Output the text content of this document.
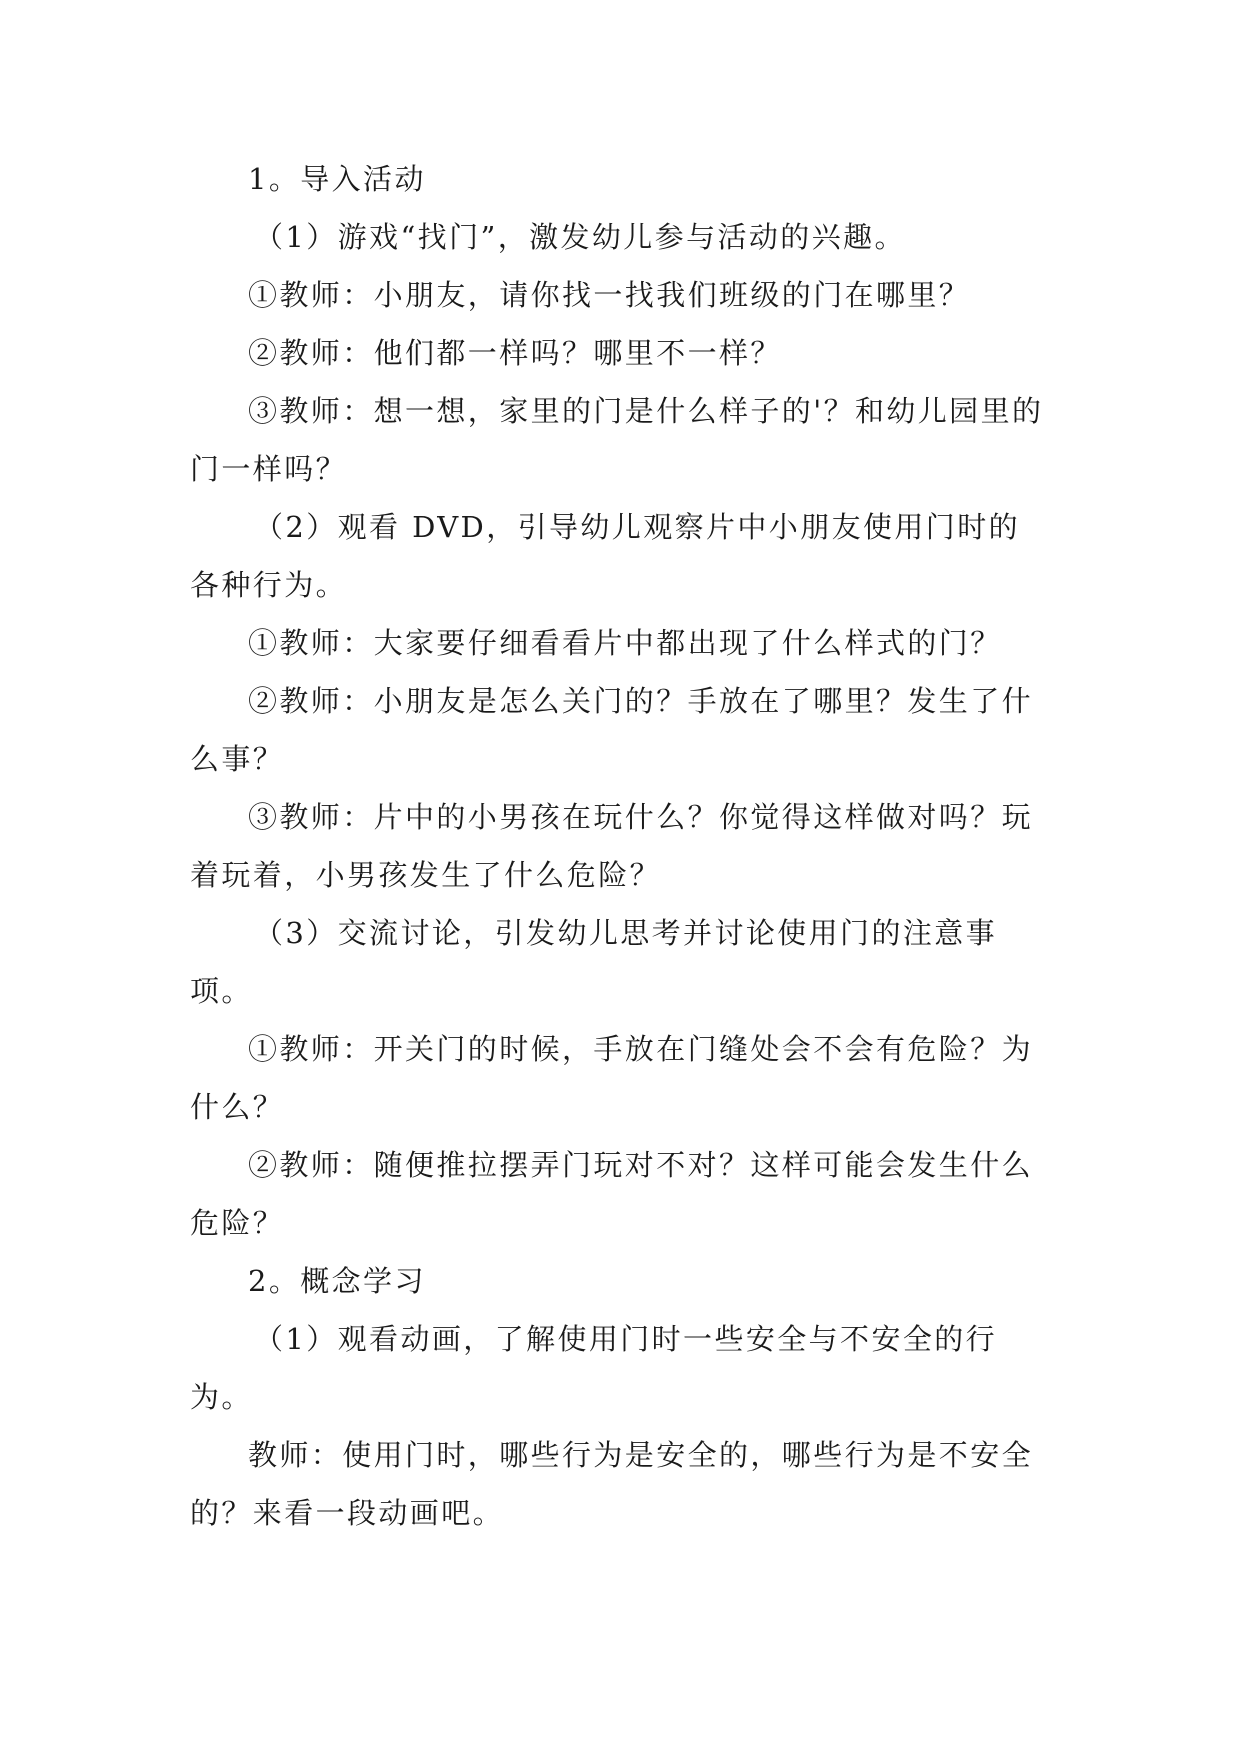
1。导入活动

（1）游戏“找门”，激发幼儿参与活动的兴趣。

①教师：小朋友，请你找一找我们班级的门在哪里？

②教师：他们都一样吗？哪里不一样？

③教师：想一想，家里的门是什么样子的'？和幼儿园里的门一样吗？

（2）观看 DVD，引导幼儿观察片中小朋友使用门时的各种行为。

①教师：大家要仔细看看片中都出现了什么样式的门？

②教师：小朋友是怎么关门的？手放在了哪里？发生了什么事？

③教师：片中的小男孩在玩什么？你觉得这样做对吗？玩着玩着，小男孩发生了什么危险？

（3）交流讨论，引发幼儿思考并讨论使用门的注意事项。

①教师：开关门的时候，手放在门缝处会不会有危险？为什么？

②教师：随便推拉摆弄门玩对不对？这样可能会发生什么危险？

2。概念学习

（1）观看动画，了解使用门时一些安全与不安全的行为。

教师：使用门时，哪些行为是安全的，哪些行为是不安全的？来看一段动画吧。
